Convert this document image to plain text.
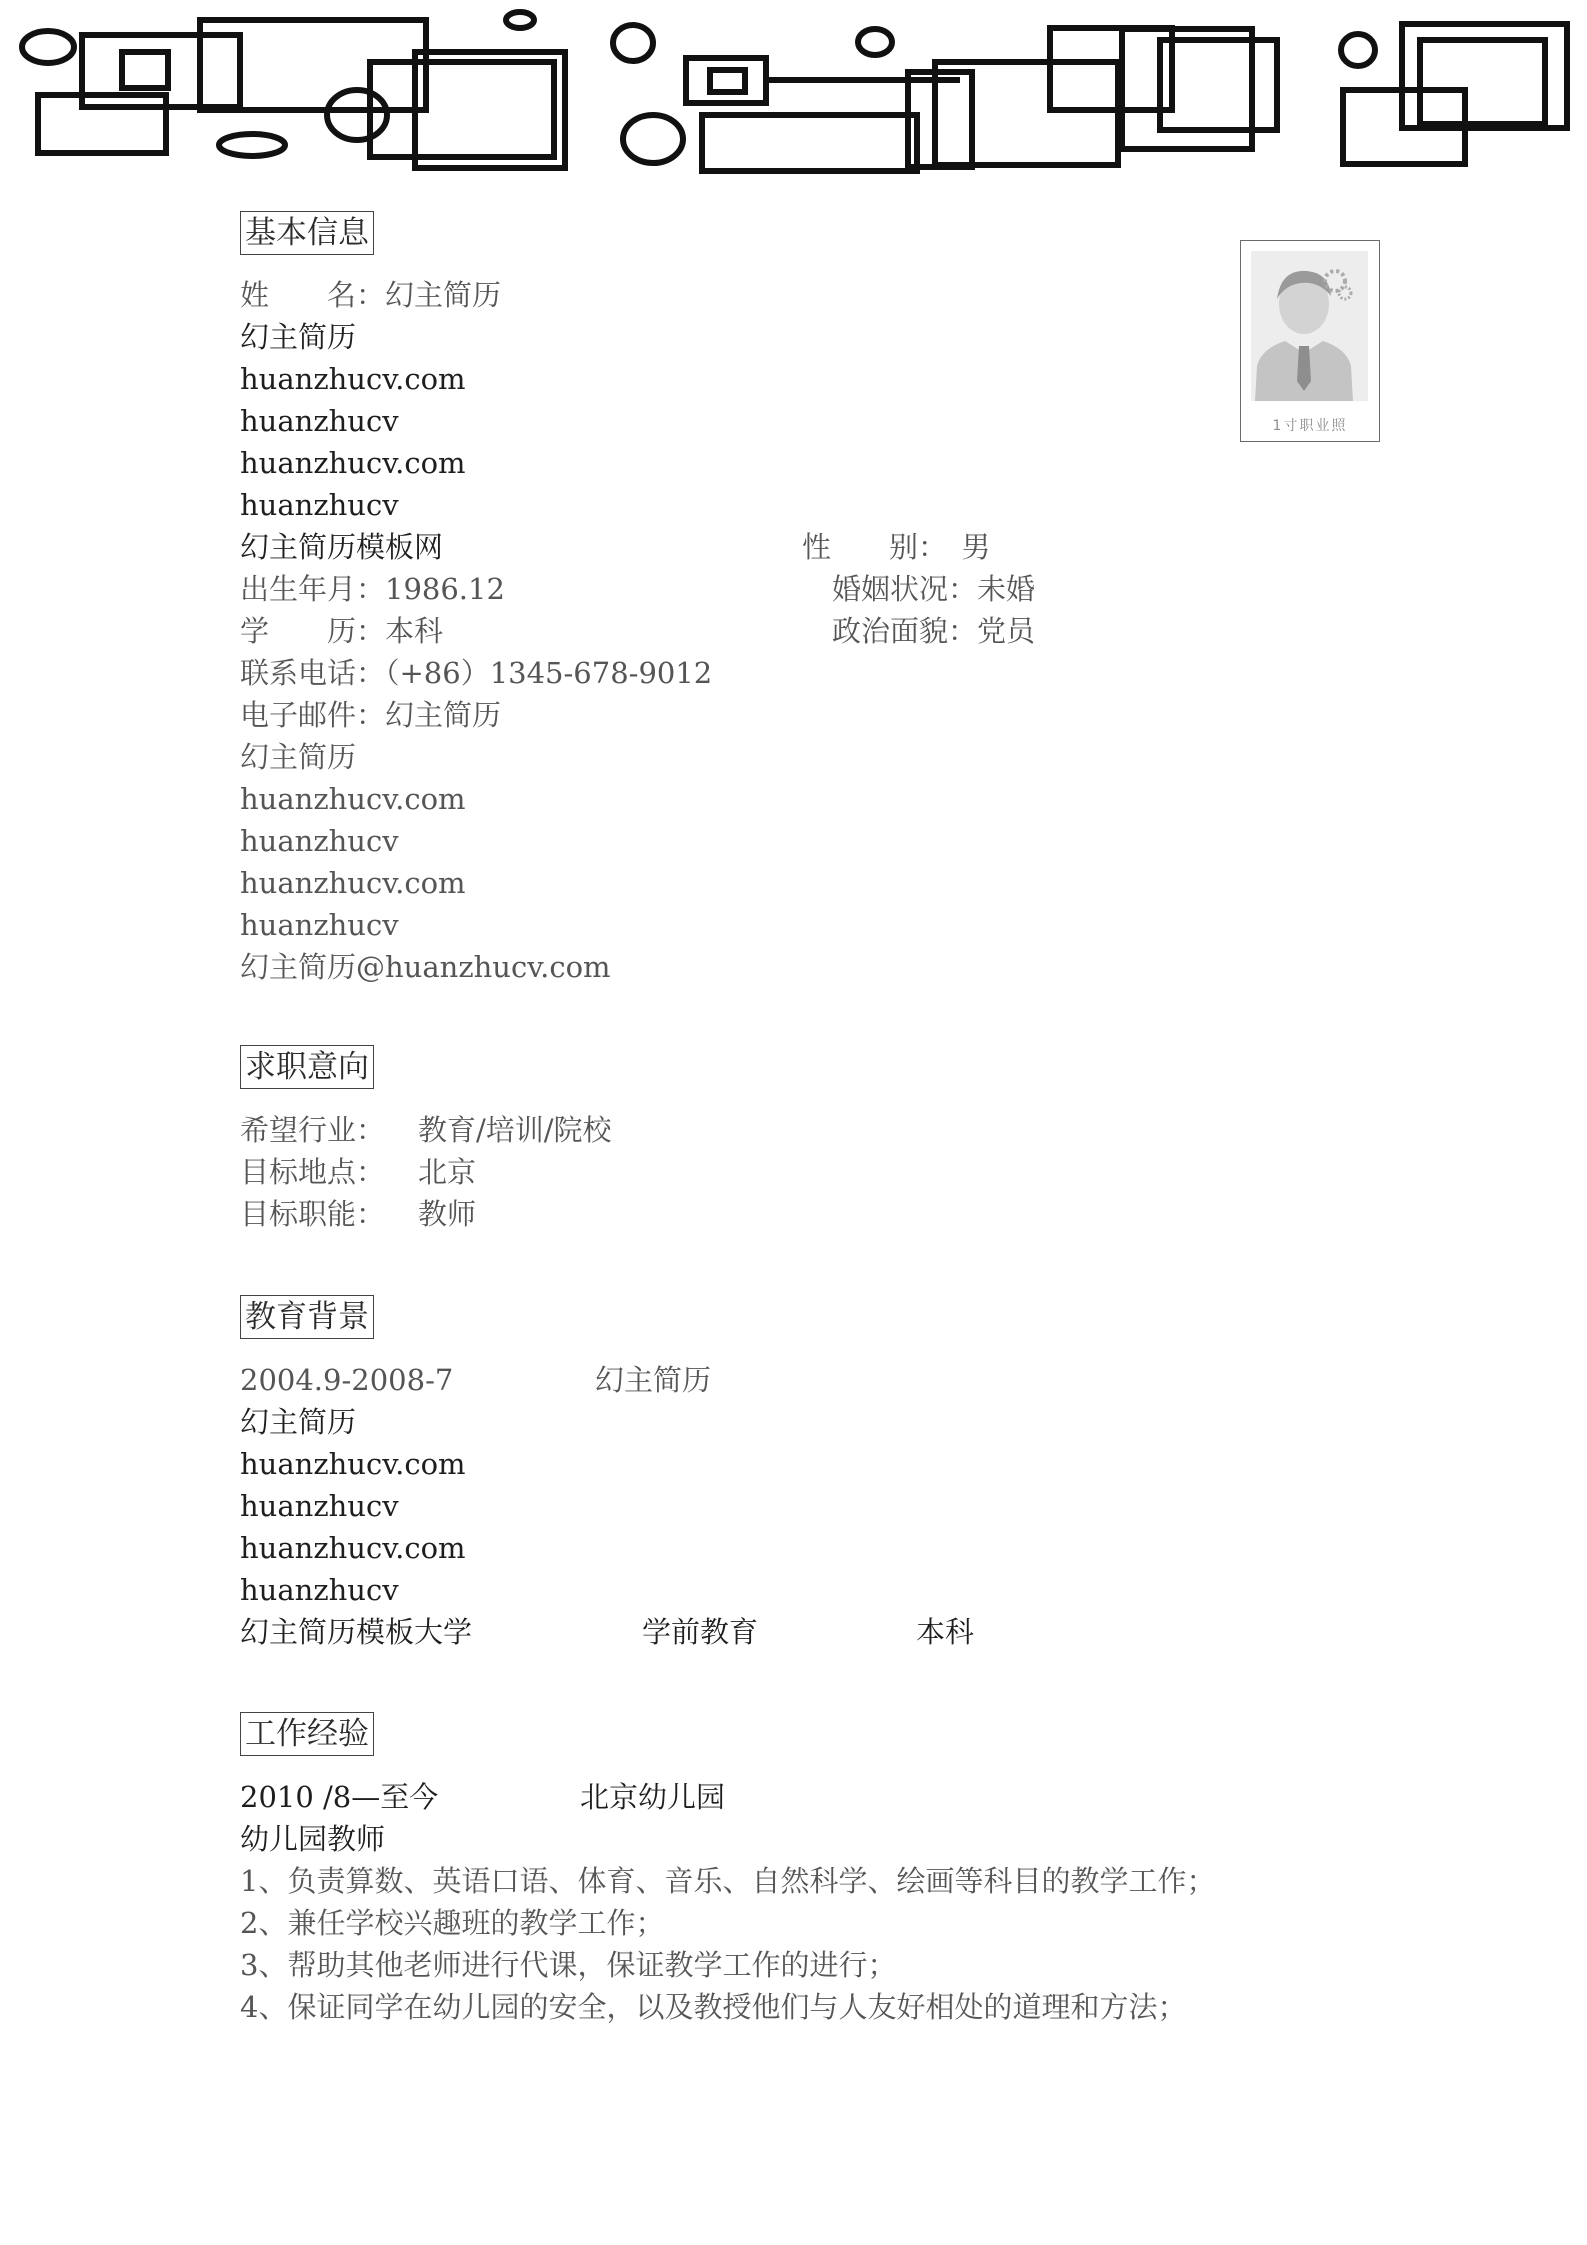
1寸职业照
基本信息
姓　　名：幻主简历
幻主简历
huanzhucv.com
huanzhucv
huanzhucv.com
huanzhucv
幻主简历模板网	性　　别：　男
出生年月：1986.12	婚姻状况：未婚
学　　历：本科	政治面貌：党员
联系电话：（+86）1345-678-9012
电子邮件：幻主简历
幻主简历
huanzhucv.com
huanzhucv
huanzhucv.com
huanzhucv
幻主简历@huanzhucv.com
求职意向
希望行业： 教育/培训/院校
目标地点： 北京
目标职能： 教师
教育背景
2004.9-2008-7	幻主简历
幻主简历
huanzhucv.com
huanzhucv
huanzhucv.com
huanzhucv
幻主简历模板大学	学前教育	本科
工作经验
2010 /8—至今	北京幼儿园
幼儿园教师
1、负责算数、英语口语、体育、音乐、自然科学、绘画等科目的教学工作；
2、兼任学校兴趣班的教学工作；
3、帮助其他老师进行代课，保证教学工作的进行；
4、保证同学在幼儿园的安全，以及教授他们与人友好相处的道理和方法；
